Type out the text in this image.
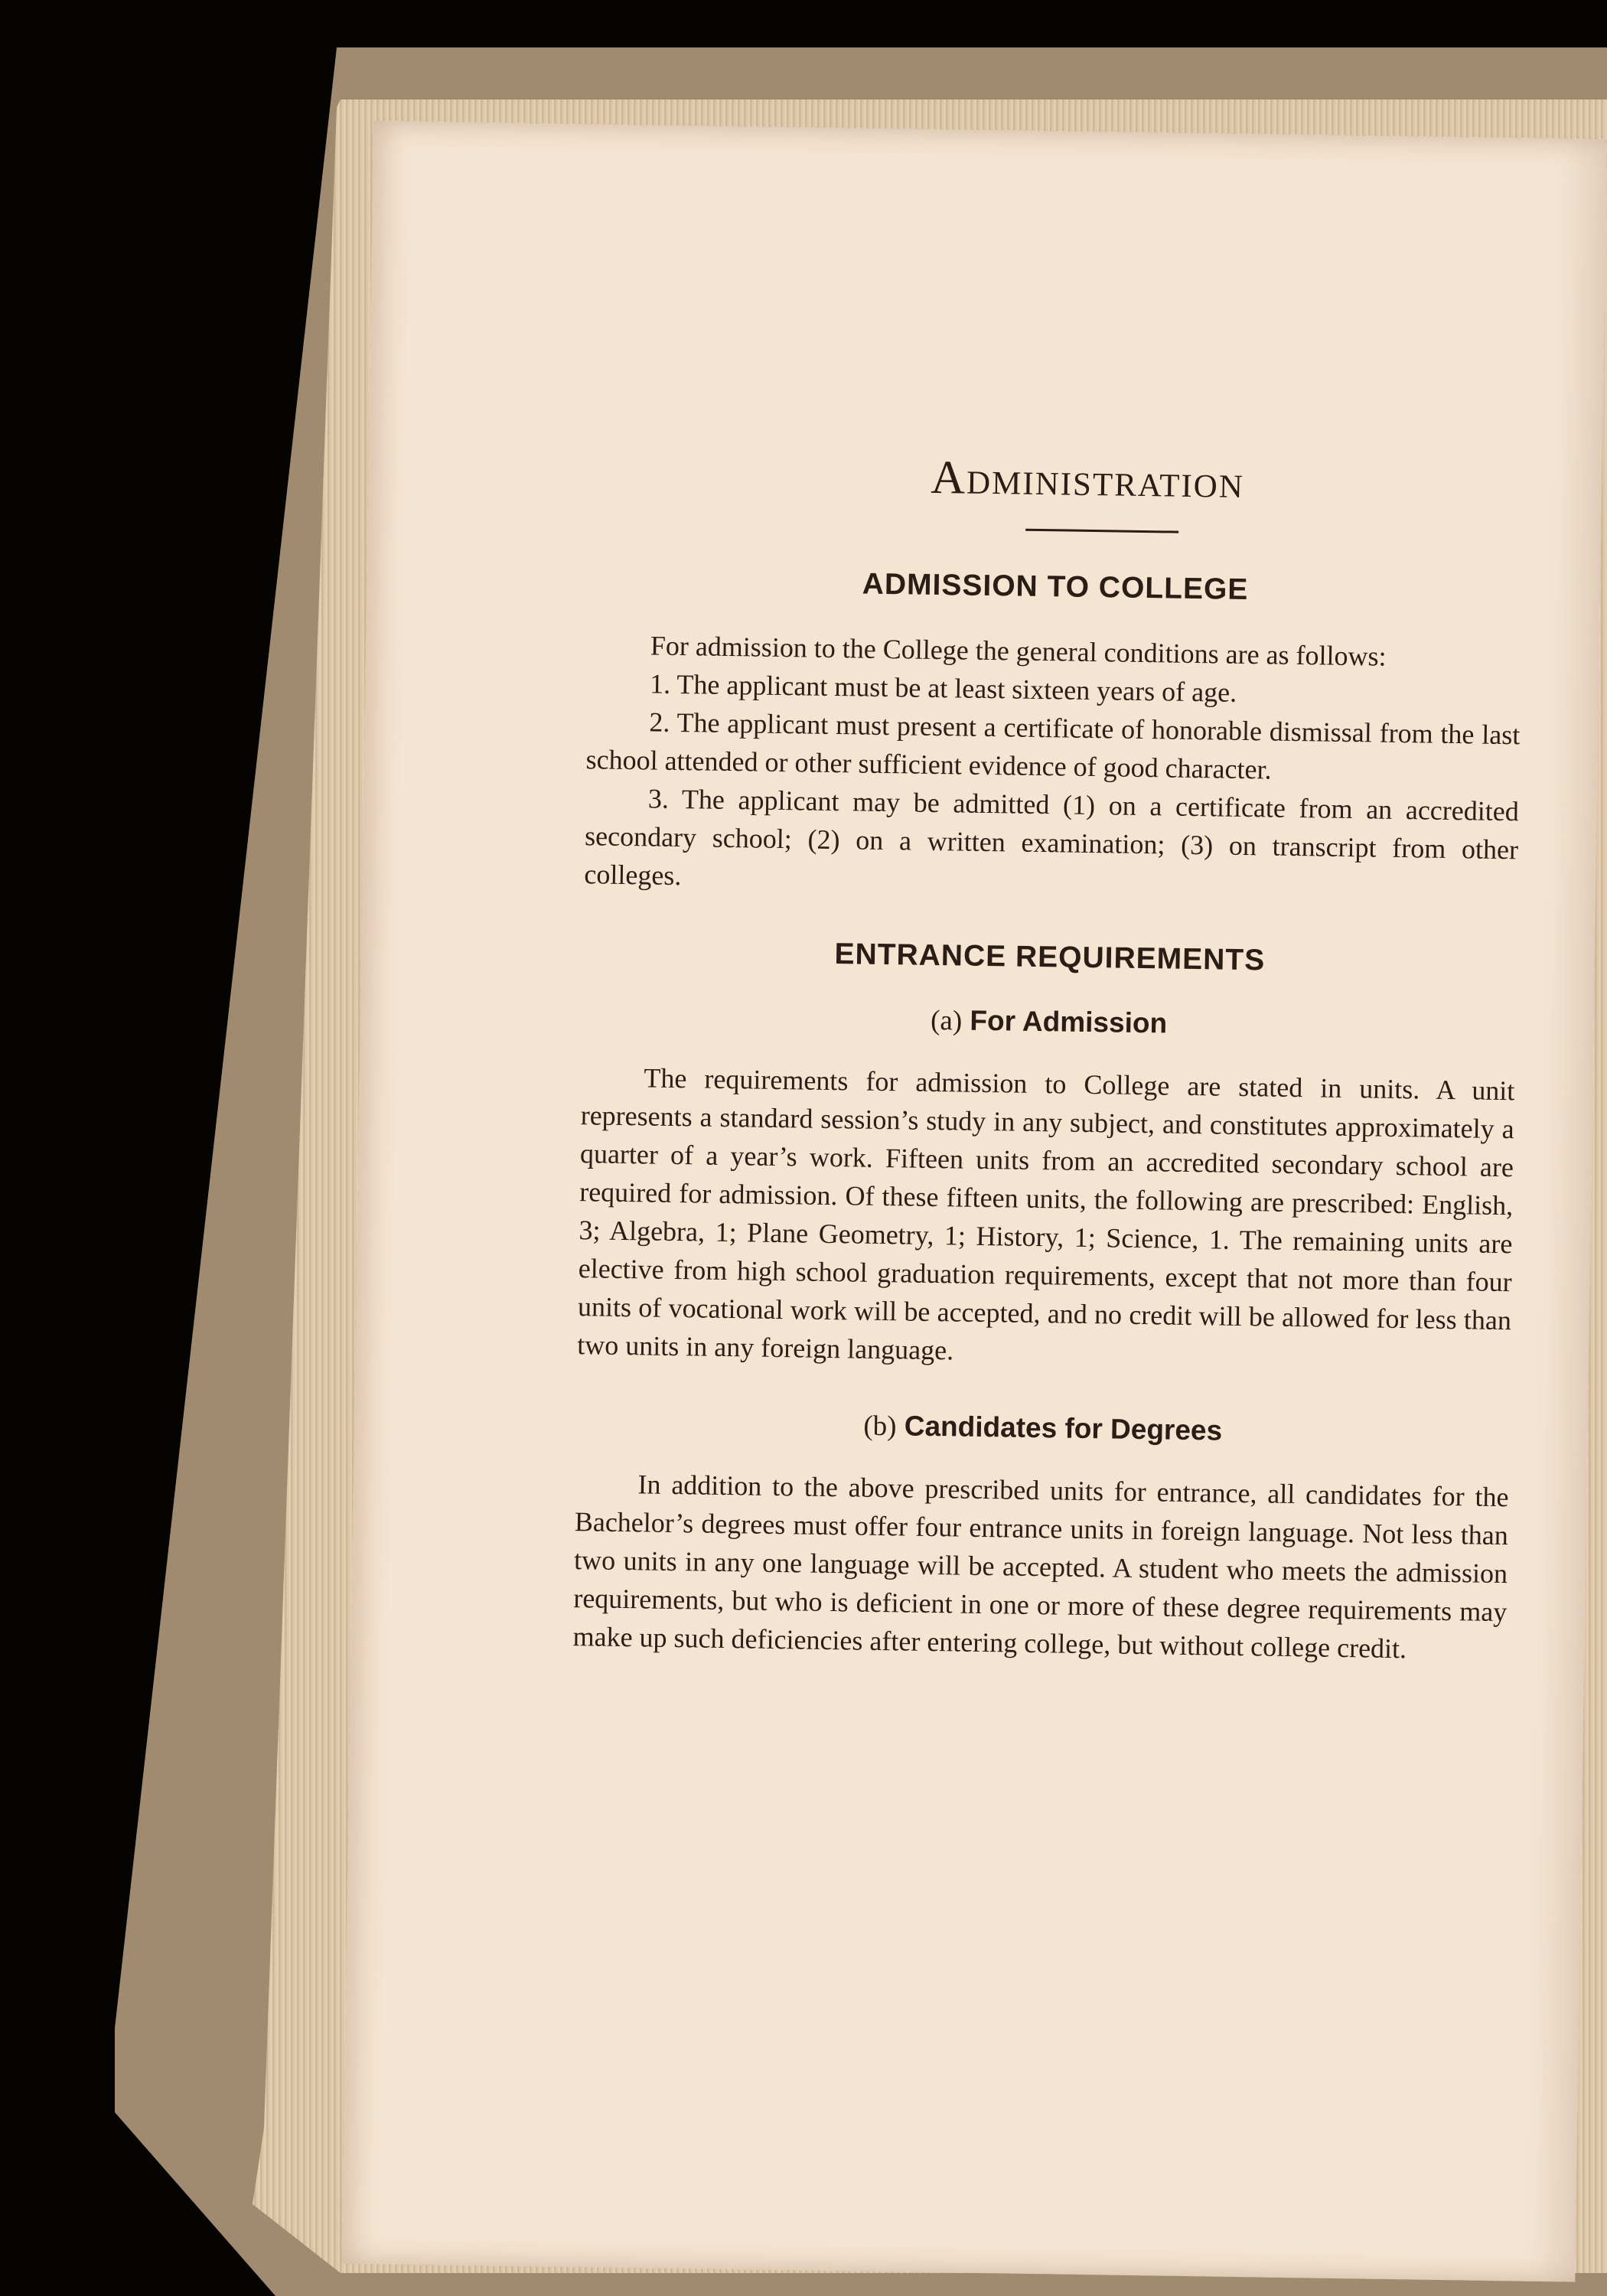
Administration
ADMISSION TO COLLEGE

For admission to the College the general conditions are as follows:

1. The applicant must be at least sixteen years of age.

2. The applicant must present a certificate of honorable dismissal from the last school attended or other sufficient evidence of good character.

3. The applicant may be admitted (1) on a certificate from an accredited secondary school; (2) on a written examination; (3) on transcript from other colleges.

ENTRANCE REQUIREMENTS
(a) For Admission

The requirements for admission to College are stated in units. A unit represents a standard session’s study in any subject, and constitutes approximately a quarter of a year’s work. Fifteen units from an accredited secondary school are required for admission. Of these fifteen units, the following are prescribed: English, 3; Algebra, 1; Plane Geometry, 1; History, 1; Science, 1. The remaining units are elective from high school graduation requirements, except that not more than four units of vocational work will be accepted, and no credit will be allowed for less than two units in any foreign language.

(b) Candidates for Degrees

In addition to the above prescribed units for entrance, all candidates for the Bachelor’s degrees must offer four entrance units in foreign language. Not less than two units in any one language will be accepted. A student who meets the admission requirements, but who is deficient in one or more of these degree requirements may make up such deficiencies after entering college, but without college credit.
